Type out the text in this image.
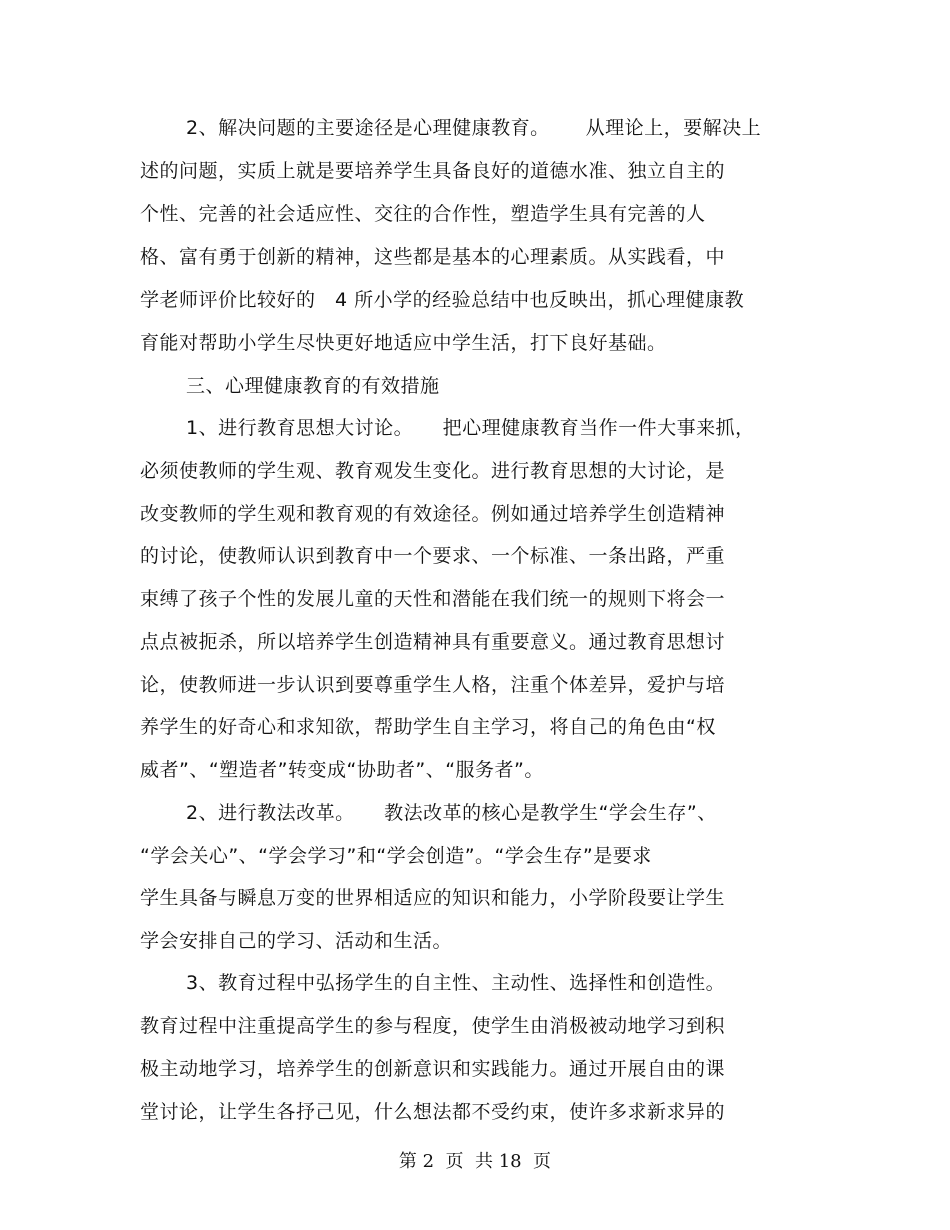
2、解决问题的主要途径是心理健康教育。　　 从理论上，要解决上
述的问题，实质上就是要培养学生具备良好的道德水准、独立自主的
个性、完善的社会适应性、交往的合作性，塑造学生具有完善的人
格、富有勇于创新的精神，这些都是基本的心理素质。从实践看，中
学老师评价比较好的　4 所小学的经验总结中也反映出，抓心理健康教
育能对帮助小学生尽快更好地适应中学生活，打下良好基础。
三、心理健康教育的有效措施
1、进行教育思想大讨论。　　把心理健康教育当作一件大事来抓，
必须使教师的学生观、教育观发生变化。进行教育思想的大讨论，是
改变教师的学生观和教育观的有效途径。例如通过培养学生创造精神
的讨论，使教师认识到教育中一个要求、一个标准、一条出路，严重
束缚了孩子个性的发展儿童的天性和潜能在我们统一的规则下将会一
点点被扼杀，所以培养学生创造精神具有重要意义。通过教育思想讨
论，使教师进一步认识到要尊重学生人格，注重个体差异，爱护与培
养学生的好奇心和求知欲，帮助学生自主学习，将自己的角色由“权
威者”、“塑造者”转变成“协助者”、“服务者”。
2、进行教法改革。　　教法改革的核心是教学生“学会生存”、
“学会关心”、“学会学习”和“学会创造”。“学会生存”是要求
学生具备与瞬息万变的世界相适应的知识和能力，小学阶段要让学生
学会安排自己的学习、活动和生活。
3、教育过程中弘扬学生的自主性、主动性、选择性和创造性。
教育过程中注重提高学生的参与程度，使学生由消极被动地学习到积
极主动地学习，培养学生的创新意识和实践能力。通过开展自由的课
堂讨论，让学生各抒己见，什么想法都不受约束，使许多求新求异的
第 2  页  共 18  页
